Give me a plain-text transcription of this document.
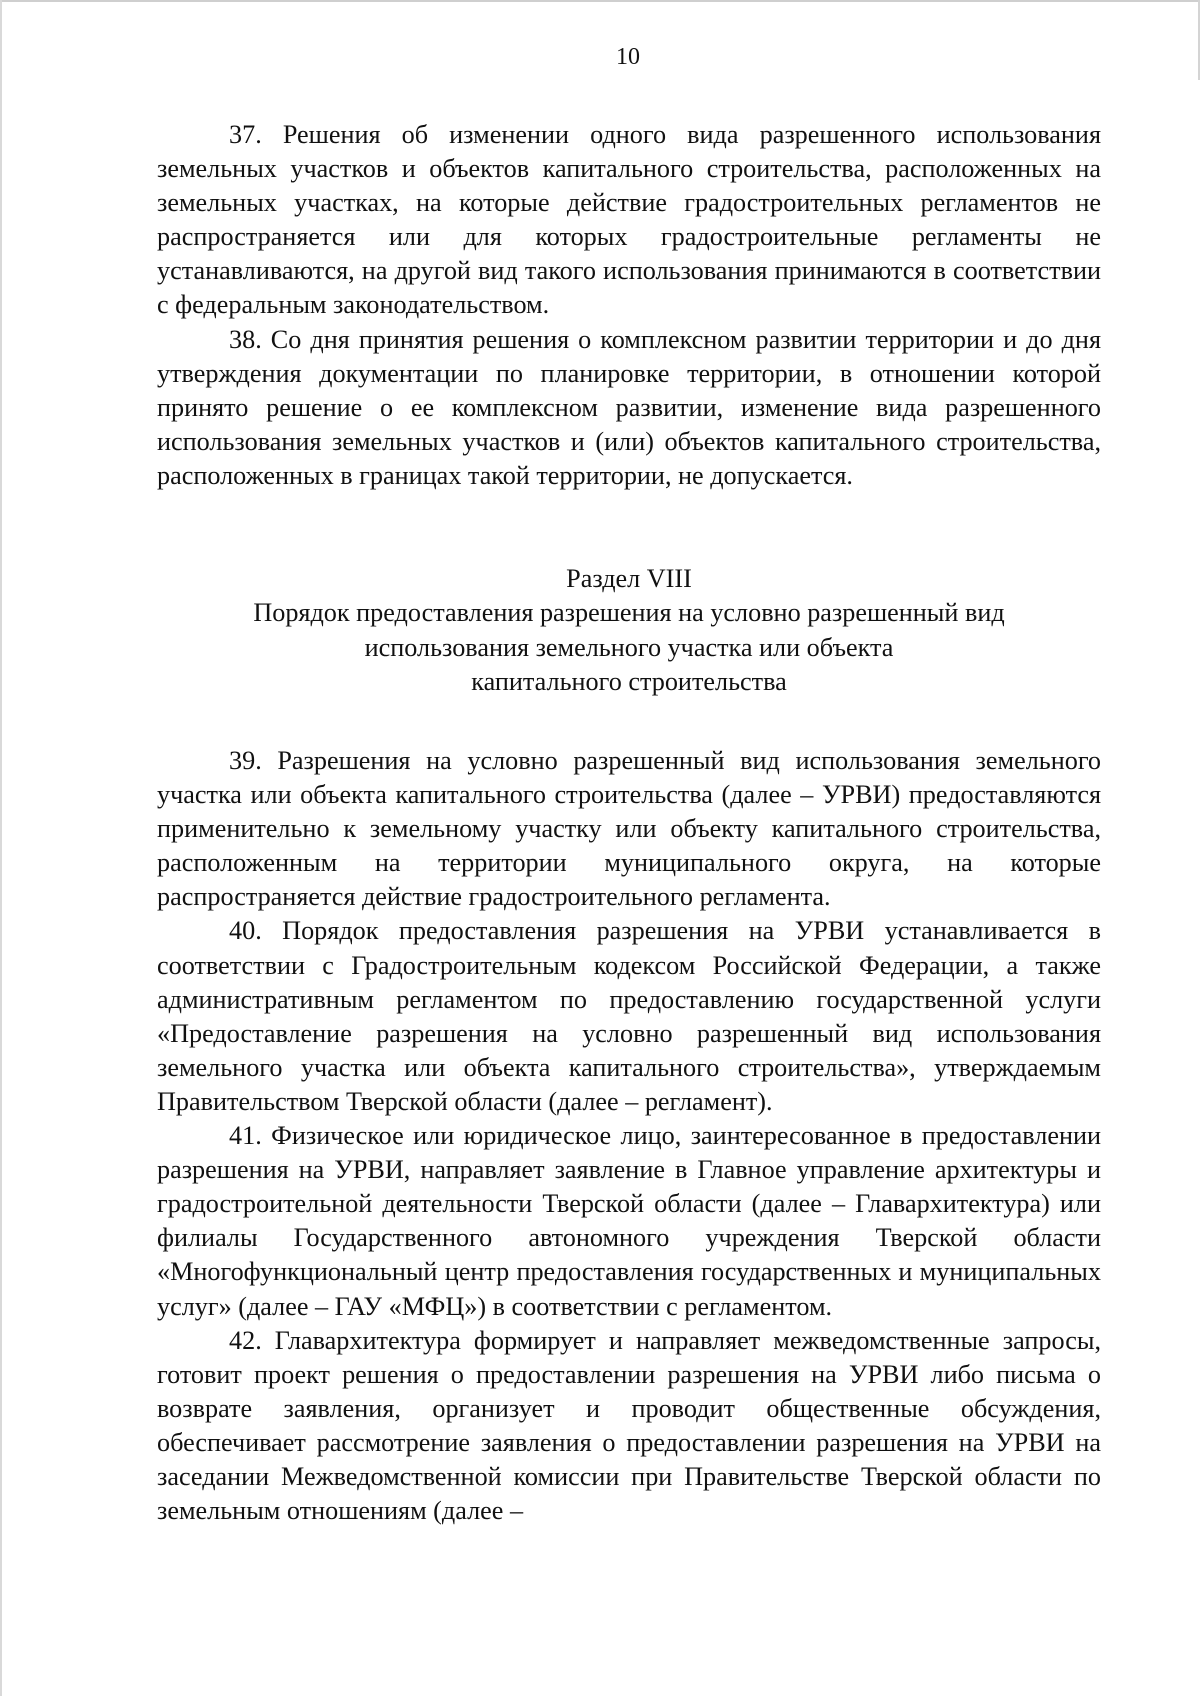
10

37. Решения об изменении одного вида разрешенного использования земельных участков и объектов капитального строительства, расположенных на земельных участках, на которые действие градостроительных регламентов не распространяется или для которых градостроительные регламенты не устанавливаются, на другой вид такого использования принимаются в соответствии с федеральным законодательством.

38. Со дня принятия решения о комплексном развитии территории и до дня утверждения документации по планировке территории, в отношении которой принято решение о ее комплексном развитии, изменение вида разрешенного использования земельных участков и (или) объектов капитального строительства, расположенных в границах такой территории, не допускается.

Раздел VIII
Порядок предоставления разрешения на условно разрешенный вид
использования земельного участка или объекта
капитального строительства

39. Разрешения на условно разрешенный вид использования земельного участка или объекта капитального строительства (далее – УРВИ) предоставляются применительно к земельному участку или объекту капитального строительства, расположенным на территории муниципального округа, на которые распространяется действие градостроительного регламента.

40. Порядок предоставления разрешения на УРВИ устанавливается в соответствии с Градостроительным кодексом Российской Федерации, а также административным регламентом по предоставлению государственной услуги «Предоставление разрешения на условно разрешенный вид использования земельного участка или объекта капитального строительства», утверждаемым Правительством Тверской области (далее – регламент).

41. Физическое или юридическое лицо, заинтересованное в предоставлении разрешения на УРВИ, направляет заявление в Главное управление архитектуры и градостроительной деятельности Тверской области (далее – Главархитектура) или филиалы Государственного автономного учреждения Тверской области «Многофункциональный центр предоставления государственных и муниципальных услуг» (далее – ГАУ «МФЦ») в соответствии с регламентом.

42. Главархитектура формирует и направляет межведомственные запросы, готовит проект решения о предоставлении разрешения на УРВИ либо письма о возврате заявления, организует и проводит общественные обсуждения, обеспечивает рассмотрение заявления о предоставлении разрешения на УРВИ на заседании Межведомственной комиссии при Правительстве Тверской области по земельным отношениям (далее –
